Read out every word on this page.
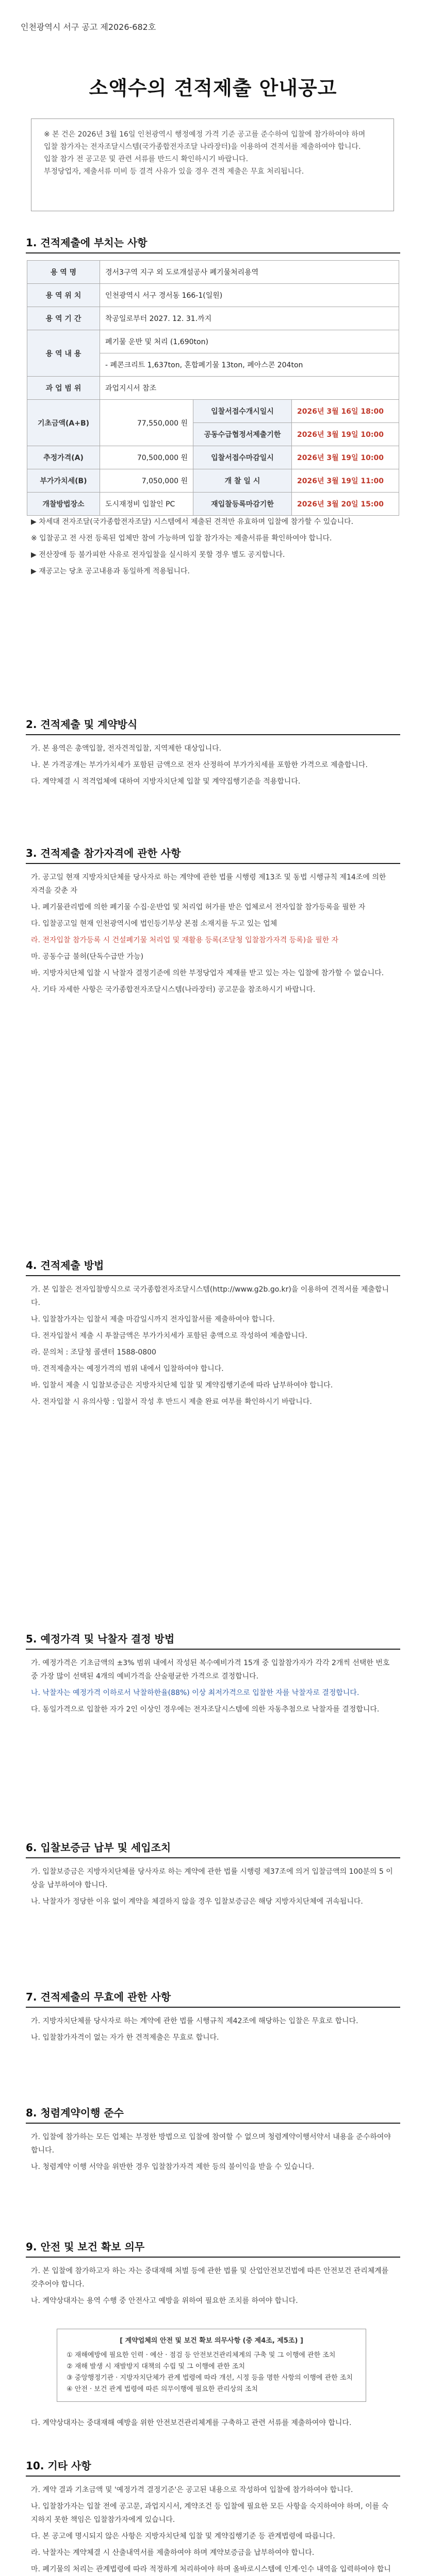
인천광역시 서구 공고 제2026-682호
소액수의 견적제출 안내공고
※ 본 건은 2026년 3월 16일 인천광역시 행정예정 가격 기준 공고를 준수하여 입찰에 참가하여야 하며
입찰 참가자는 전자조달시스템(국가종합전자조달 나라장터)을 이용하여 견적서를 제출하여야 합니다.
입찰 참가 전 공고문 및 관련 서류를 반드시 확인하시기 바랍니다.
부정당업자, 제출서류 미비 등 결격 사유가 있을 경우 견적 제출은 무효 처리됩니다.
1. 견적제출에 부치는 사항
용 역 명	경서3구역 지구 외 도로개설공사 폐기물처리용역		
용 역 위 치	인천광역시 서구 경서동 166-1(일원)		
용 역 기 간	착공일로부터 2027. 12. 31.까지		
용 역 내 용	폐기물 운반 및 처리 (1,690ton)		
	- 폐콘크리트 1,637ton, 혼합폐기물 13ton, 폐아스콘 204ton		
과 업 범 위	과업지시서 참조		
기초금액(A+B)	77,550,000 원	입찰서접수개시일시	2026년 3월 16일 18:00
		공동수급협정서제출기한	2026년 3월 19일 10:00
추정가격(A)	70,500,000 원	입찰서접수마감일시	2026년 3월 19일 10:00
부가가치세(B)	7,050,000 원	개 찰 일 시	2026년 3월 19일 11:00
개찰방법장소	도시재정비 입찰인 PC	재입찰등록마감기한	2026년 3월 20일 15:00

▶ 차세대 전자조달(국가종합전자조달) 시스템에서 제출된 견적만 유효하며 입찰에 참가할 수 있습니다.

※ 입찰공고 전 사전 등록된 업체만 참여 가능하며 입찰 참가자는 제출서류를 확인하여야 합니다.

▶ 전산장애 등 불가피한 사유로 전자입찰을 실시하지 못할 경우 별도 공지합니다.

▶ 재공고는 당초 공고내용과 동일하게 적용됩니다.

2. 견적제출 및 계약방식

가. 본 용역은 총액입찰, 전자견적입찰, 지역제한 대상입니다.

나. 본 가격공개는 부가가치세가 포함된 금액으로 전자 산정하여 부가가치세를 포함한 가격으로 제출합니다.

다. 계약체결 시 적격업체에 대하여 지방자치단체 입찰 및 계약집행기준을 적용합니다.

3. 견적제출 참가자격에 관한 사항

가. 공고일 현재 지방자치단체를 당사자로 하는 계약에 관한 법률 시행령 제13조 및 동법 시행규칙 제14조에 의한 자격을 갖춘 자

나. 폐기물관리법에 의한 폐기물 수집·운반업 및 처리업 허가를 받은 업체로서 전자입찰 참가등록을 필한 자

다. 입찰공고일 현재 인천광역시에 법인등기부상 본점 소재지를 두고 있는 업체

라. 전자입찰 참가등록 시 건설폐기물 처리업 및 재활용 등록(조달청 입찰참가자격 등록)을 필한 자

마. 공동수급 불허(단독수급만 가능)

바. 지방자치단체 입찰 시 낙찰자 결정기준에 의한 부정당업자 제재를 받고 있는 자는 입찰에 참가할 수 없습니다.

사. 기타 자세한 사항은 국가종합전자조달시스템(나라장터) 공고문을 참조하시기 바랍니다.

4. 견적제출 방법

가. 본 입찰은 전자입찰방식으로 국가종합전자조달시스템(http://www.g2b.go.kr)을 이용하여 견적서를 제출합니다.

나. 입찰참가자는 입찰서 제출 마감일시까지 전자입찰서를 제출하여야 합니다.

다. 전자입찰서 제출 시 투찰금액은 부가가치세가 포함된 총액으로 작성하여 제출합니다.

라. 문의처 : 조달청 콜센터 1588-0800

마. 견적제출자는 예정가격의 범위 내에서 입찰하여야 합니다.

바. 입찰서 제출 시 입찰보증금은 지방자치단체 입찰 및 계약집행기준에 따라 납부하여야 합니다.

사. 전자입찰 시 유의사항 : 입찰서 작성 후 반드시 제출 완료 여부를 확인하시기 바랍니다.

5. 예정가격 및 낙찰자 결정 방법

가. 예정가격은 기초금액의 ±3% 범위 내에서 작성된 복수예비가격 15개 중 입찰참가자가 각각 2개씩 선택한 번호 중 가장 많이 선택된 4개의 예비가격을 산술평균한 가격으로 결정합니다.

나. 낙찰자는 예정가격 이하로서 낙찰하한율(88%) 이상 최저가격으로 입찰한 자를 낙찰자로 결정합니다.

다. 동일가격으로 입찰한 자가 2인 이상인 경우에는 전자조달시스템에 의한 자동추첨으로 낙찰자를 결정합니다.

6. 입찰보증금 납부 및 세입조치

가. 입찰보증금은 지방자치단체를 당사자로 하는 계약에 관한 법률 시행령 제37조에 의거 입찰금액의 100분의 5 이상을 납부하여야 합니다.

나. 낙찰자가 정당한 이유 없이 계약을 체결하지 않을 경우 입찰보증금은 해당 지방자치단체에 귀속됩니다.

7. 견적제출의 무효에 관한 사항

가. 지방자치단체를 당사자로 하는 계약에 관한 법률 시행규칙 제42조에 해당하는 입찰은 무효로 합니다.

나. 입찰참가자격이 없는 자가 한 견적제출은 무효로 합니다.

8. 청렴계약이행 준수

가. 입찰에 참가하는 모든 업체는 부정한 방법으로 입찰에 참여할 수 없으며 청렴계약이행서약서 내용을 준수하여야 합니다.

나. 청렴계약 이행 서약을 위반한 경우 입찰참가자격 제한 등의 불이익을 받을 수 있습니다.

9. 안전 및 보건 확보 의무

가. 본 입찰에 참가하고자 하는 자는 중대재해 처벌 등에 관한 법률 및 산업안전보건법에 따른 안전보건 관리체계를 갖추어야 합니다.

나. 계약상대자는 용역 수행 중 안전사고 예방을 위하여 필요한 조치를 하여야 합니다.

[ 계약업체의 안전 및 보건 확보 의무사항 (중 제4조, 제5조) ]
① 재해예방에 필요한 인력 · 예산 · 점검 등 안전보건관리체계의 구축 및 그 이행에 관한 조치
② 재해 발생 시 재발방지 대책의 수립 및 그 이행에 관한 조치
③ 중앙행정기관 · 지방자치단체가 관계 법령에 따라 개선, 시정 등을 명한 사항의 이행에 관한 조치
④ 안전 · 보건 관계 법령에 따른 의무이행에 필요한 관리상의 조치

다. 계약상대자는 중대재해 예방을 위한 안전보건관리체계를 구축하고 관련 서류를 제출하여야 합니다.

10. 기타 사항

가. 계약 결과 기초금액 및 '예정가격 결정기준'은 공고된 내용으로 작성하여 입찰에 참가하여야 합니다.

나. 입찰참가자는 입찰 전에 공고문, 과업지시서, 계약조건 등 입찰에 필요한 모든 사항을 숙지하여야 하며, 이를 숙지하지 못한 책임은 입찰참가자에게 있습니다.

다. 본 공고에 명시되지 않은 사항은 지방자치단체 입찰 및 계약집행기준 등 관계법령에 따릅니다.

라. 낙찰자는 계약체결 시 산출내역서를 제출하여야 하며 계약보증금을 납부하여야 합니다.

마. 폐기물의 처리는 관계법령에 따라 적정하게 처리하여야 하며 올바로시스템에 인계·인수 내역을 입력하여야 합니
